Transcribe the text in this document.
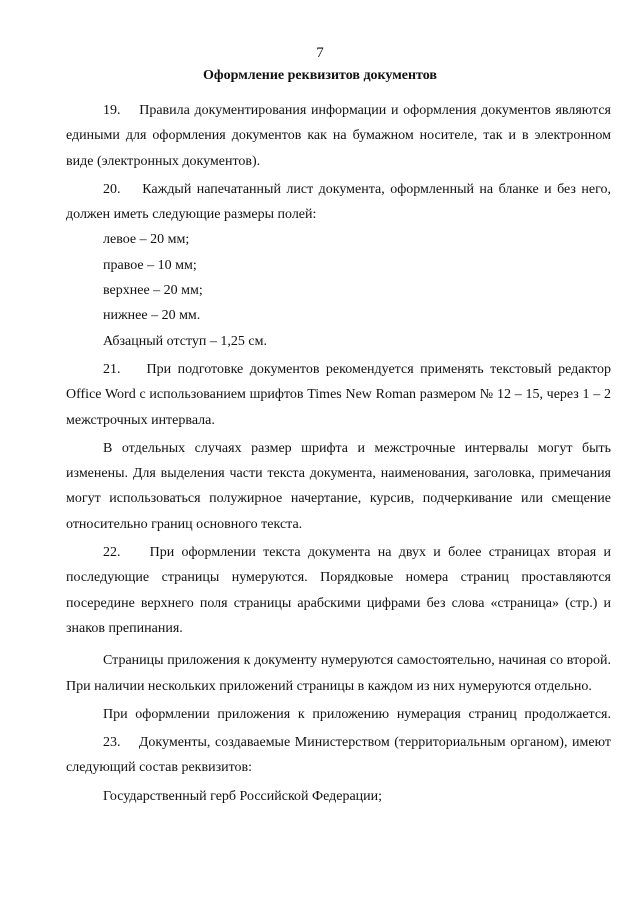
7
Оформление реквизитов документов

19.    Правила документирования информации и оформления документов являются едиными для оформления документов как на бумажном носителе, так и в электронном виде (электронных документов).

20.    Каждый напечатанный лист документа, оформленный на бланке и без него, должен иметь следующие размеры полей:

левое – 20 мм;

правое – 10 мм;

верхнее – 20 мм;

нижнее – 20 мм.

Абзацный отступ – 1,25 см.

21.    При подготовке документов рекомендуется применять текстовый редактор Office Word с использованием шрифтов Times New Roman размером № 12 – 15, через 1 – 2 межстрочных интервала.

В отдельных случаях размер шрифта и межстрочные интервалы могут быть изменены. Для выделения части текста документа, наименования, заголовка, примечания могут использоваться полужирное начертание, курсив, подчеркивание или смещение относительно границ основного текста.

22.    При оформлении текста документа на двух и более страницах вторая и последующие страницы нумеруются. Порядковые номера страниц проставляются посередине верхнего поля страницы арабскими цифрами без слова «страница» (стр.) и знаков препинания.

Страницы приложения к документу нумеруются самостоятельно, начиная со второй. При наличии нескольких приложений страницы в каждом из них нумеруются отдельно.

При оформлении приложения к приложению нумерация страниц продолжается.

23.    Документы, создаваемые Министерством (территориальным органом), имеют следующий состав реквизитов:

Государственный герб Российской Федерации;
